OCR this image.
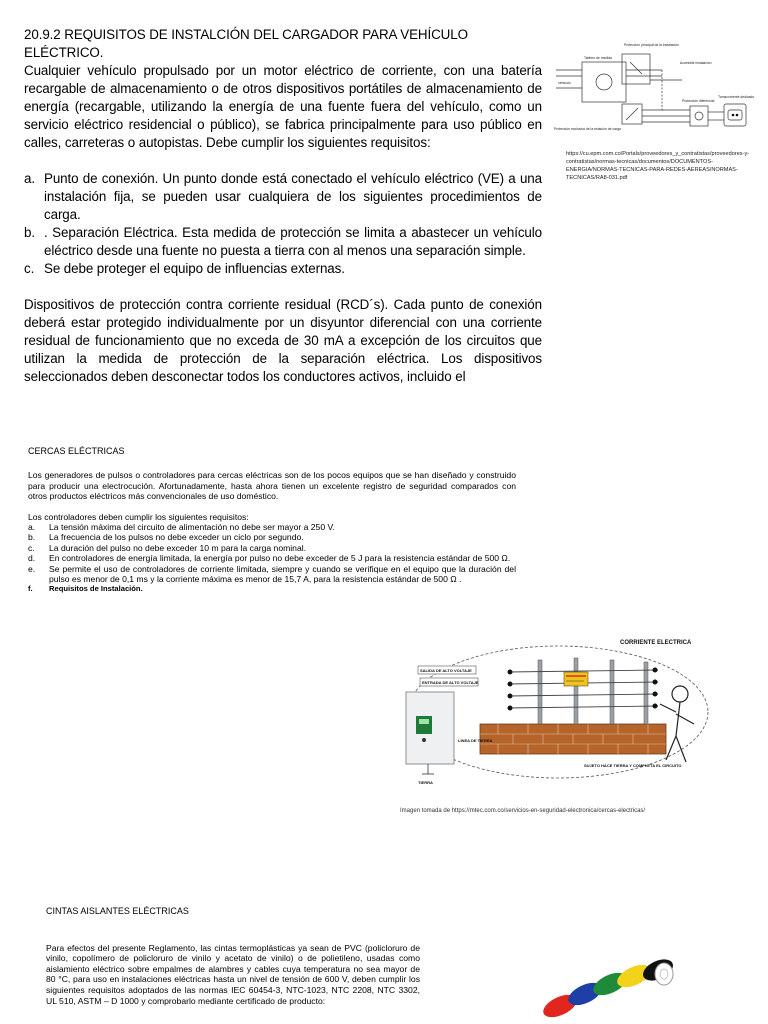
20.9.2 REQUISITOS DE INSTALCIÓN DEL CARGADOR PARA VEHÍCULO ELÉCTRICO.

Cualquier vehículo propulsado por un motor eléctrico de corriente, con una batería recargable de almacenamiento o de otros dispositivos portátiles de almacenamiento de energía (recargable, utilizando la energía de una fuente fuera del vehículo, como un servicio eléctrico residencial o público), se fabrica principalmente para uso público en calles, carreteras o autopistas. Debe cumplir los siguientes requisitos:

a. Punto de conexión. Un punto donde está conectado el vehículo eléctrico (VE) a una instalación fija, se pueden usar cualquiera de los siguientes procedimientos de carga.
b. . Separación Eléctrica. Esta medida de protección se limita a abastecer un vehículo eléctrico desde una fuente no puesta a tierra con al menos una separación simple.
c. Se debe proteger el equipo de influencias externas.

Dispositivos de protección contra corriente residual (RCD´s). Cada punto de conexión deberá estar protegido individualmente por un disyuntor diferencial con una corriente residual de funcionamiento que no exceda de 30 mA a excepción de los circuitos que utilizan la medida de protección de la separación eléctrica. Los dispositivos seleccionados deben desconectar todos los conductores activos, incluido el

Protección principal de la instalación
Tablero de medida
Accesible instalación
vehículo
Protección exclusiva de la estación de carga
Protección diferencial
Tomacorriente dedicado
https://cu.epm.com.co/Portals/proveedores_y_contratistas/proveedores-y-contratistas/normas-tecnicas/documentos/DOCUMENTOS-ENERGIA/NORMAS-TECNICAS-PARA-REDES-AEREAS/NORMAS-TECNICAS/RA8-031.pdf
CERCAS ELÉCTRICAS

Los generadores de pulsos o controladores para cercas eléctricas son de los pocos equipos que se han diseñado y construido para producir una electrocución. Afortunadamente, hasta ahora tienen un excelente registro de seguridad comparados con otros productos eléctricos más convencionales de uso doméstico.

Los controladores deben cumplir los siguientes requisitos:
a.	La tensión máxima del circuito de alimentación no debe ser mayor a 250 V.
b.	La frecuencia de los pulsos no debe exceder un ciclo por segundo.
c.	La duración del pulso no debe exceder 10 m para la carga nominal.
d.	En controladores de energía limitada, la energía por pulso no debe exceder de 5 J para la resistencia estándar de 500 Ω.
e.	Se permite el uso de controladores de corriente limitada, siempre y cuando se verifique en el equipo que la duración del pulso es menor de 0,1 ms y la corriente máxima es menor de 15,7 A, para la resistencia estándar de 500 Ω .
f.	Requisitos de Instalación.
CORRIENTE ELECTRICA
SALIDA DE ALTO VOLTAJE
ENTRADA DE ALTO VOLTAJE
LINEA DE TIERRA
TIERRA
SUJETO HACE TIERRA Y COMPLETA EL CIRCUITO
Imagen tomada de https://mtec.com.co/servicios-en-seguridad-electronica/cercas-electricas/
CINTAS AISLANTES ELÉCTRICAS

Para efectos del presente Reglamento, las cintas termoplásticas ya sean de PVC (policloruro de vinilo, copolímero de policloruro de vinilo y acetato de vinilo) o de polietileno, usadas como aislamiento eléctrico sobre empalmes de alambres y cables cuya temperatura no sea mayor de 80 °C, para uso en instalaciones eléctricas hasta un nivel de tensión de 600 V, deben cumplir los siguientes requisitos adoptados de las normas IEC 60454-3, NTC-1023, NTC 2208, NTC 3302, UL 510, ASTM – D 1000 y comprobarlo mediante certificado de producto:
